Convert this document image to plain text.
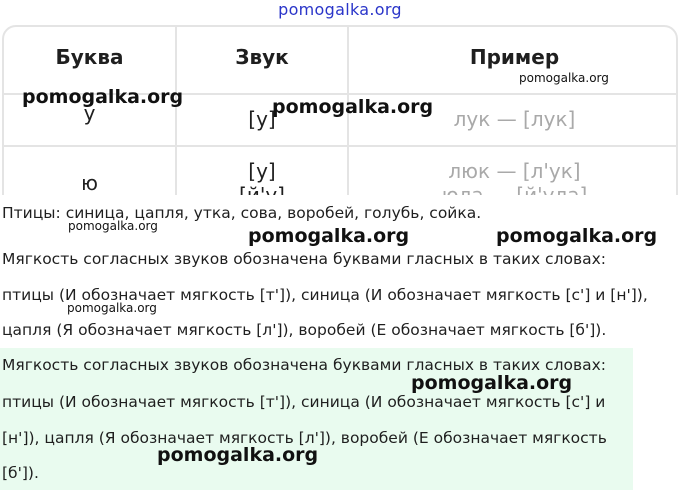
pomogalka.org
Буква	Звук	Пример
у	[у]	лук — [лук]
ю	[у]	люк — [л'ук]
Птицы: синица, цапля, утка, сова, воробей, голубь, сойка.
Мягкость согласных звуков обозначена буквами гласных в таких словах:
птицы (И обозначает мягкость [т']), синица (И обозначает мягкость [с'] и [н']),
цапля (Я обозначает мягкость [л']), воробей (Е обозначает мягкость [б']).
Мягкость согласных звуков обозначена буквами гласных в таких словах:
птицы (И обозначает мягкость [т']), синица (И обозначает мягкость [с'] и
[н']), цапля (Я обозначает мягкость [л']), воробей (Е обозначает мягкость
[б']).
pomogalka.org	pomogalka.org
pomogalka.org
pomogalka.org	pomogalka.org	pomogalka.org
pomogalka.org
pomogalka.org
pomogalka.org
